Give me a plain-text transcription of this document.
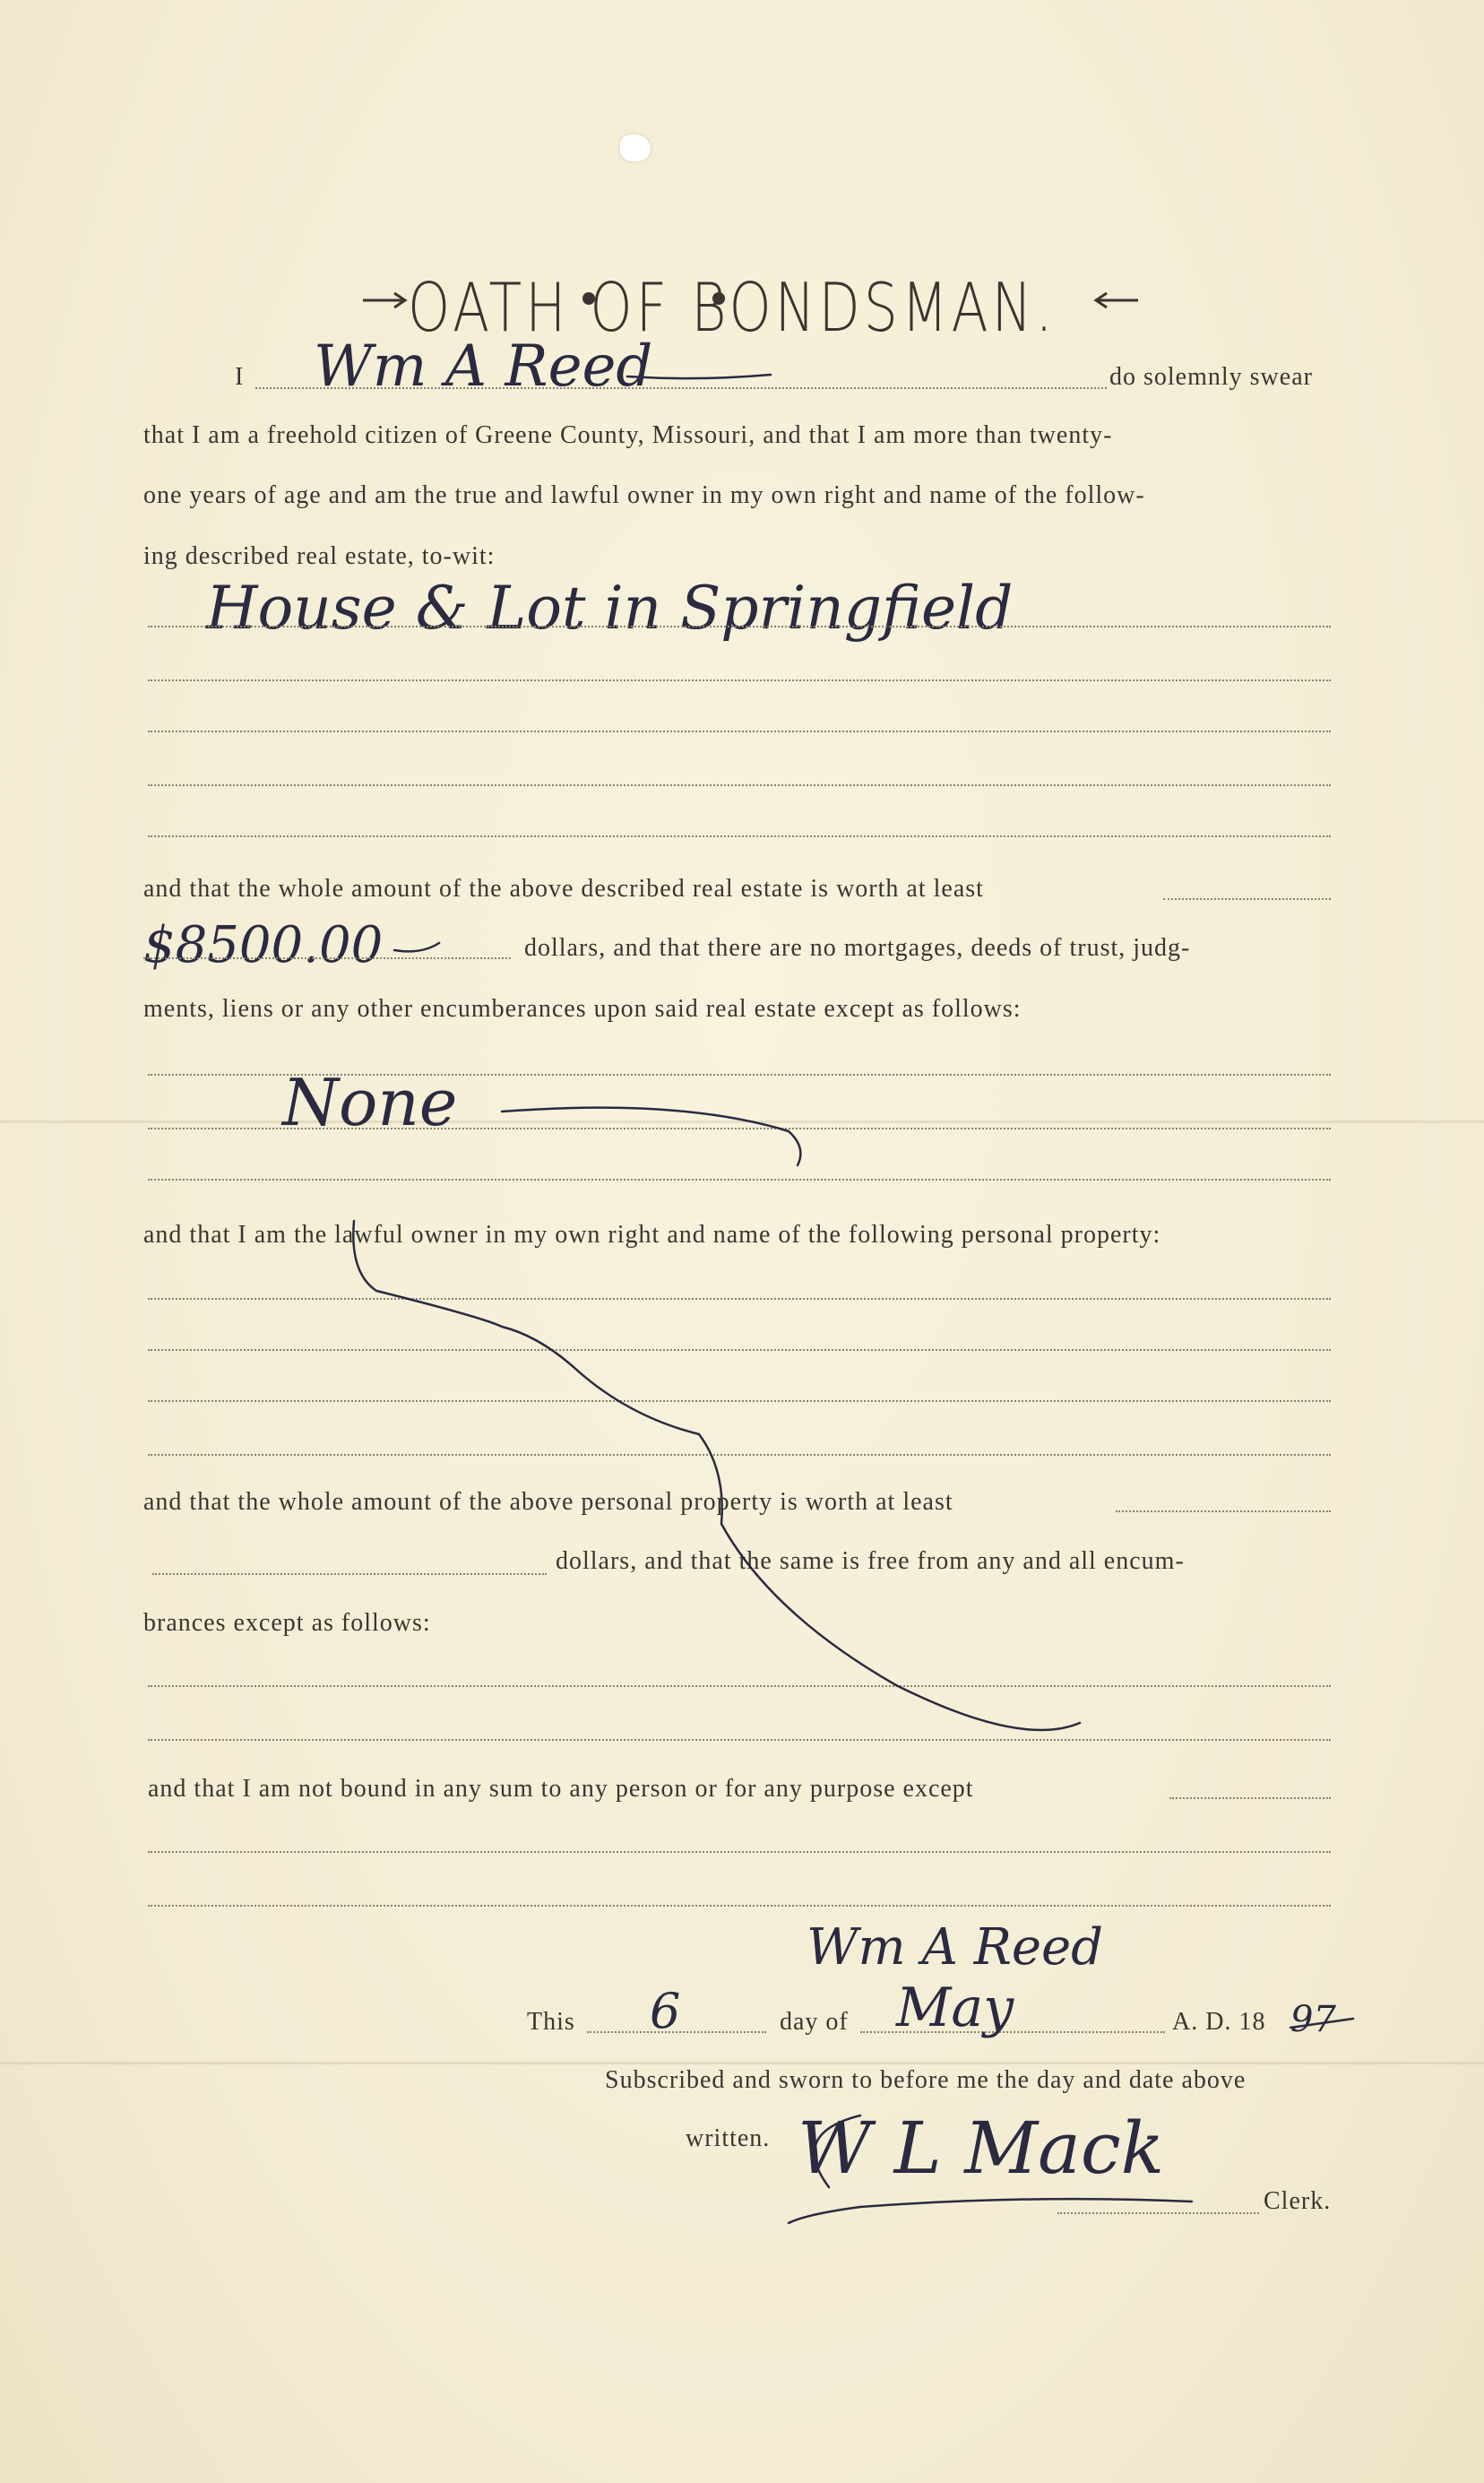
OATH OF BONDSMAN.
I Wm A Reed	do solemnly swear
that I am a freehold citizen of Greene County, Missouri, and that I am more than twenty-
one years of age and am the true and lawful owner in my own right and name of the follow-
ing described real estate, to-wit:
House & Lot in Springfield
and that the whole amount of the above described real estate is worth at least
$8500.00	dollars, and that there are no mortgages, deeds of trust, judg-
ments, liens or any other encumberances upon said real estate except as follows:
None
and that I am the lawful owner in my own right and name of the following personal property:
and that the whole amount of the above personal property is worth at least
dollars, and that the same is free from any and all encum-
brances except as follows:
and that I am not bound in any sum to any person or for any purpose except
Wm A Reed
This 6	day of May	A. D. 18 97
Subscribed and sworn to before me the day and date above
written. W L Mack
Clerk.
